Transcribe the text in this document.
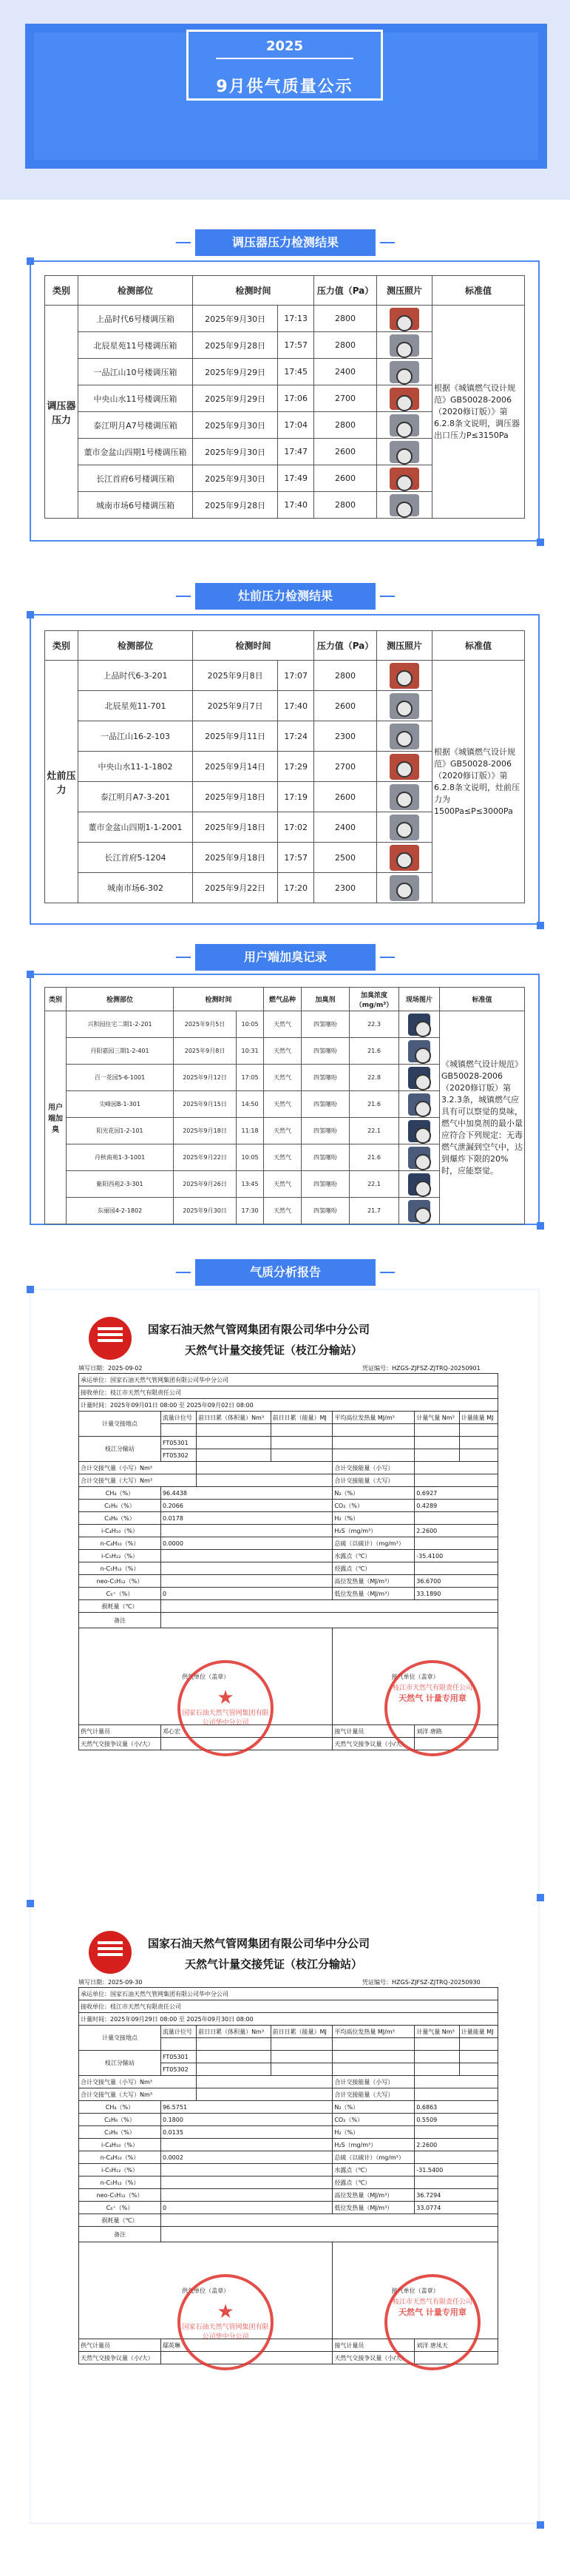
2025
9月供气质量公示
调压器压力检测结果
类别	检测部位	检测时间		压力值（Pa）	测压照片	标准值
调压器压力	上品时代6号楼调压箱	2025年9月30日	17:13	2800		根据《城镇燃气设计规范》GB50028-2006（2020修订版）》第6.2.8条文说明，调压器出口压力P≤3150Pa
	北辰星苑11号楼调压箱	2025年9月28日	17:57	2800		
	一品江山10号楼调压箱	2025年9月29日	17:45	2400		
	中央山水11号楼调压箱	2025年9月29日	17:06	2700		
	泰江明月A7号楼调压箱	2025年9月30日	17:04	2800		
	董市金盆山四期1号楼调压箱	2025年9月30日	17:47	2600		
	长江首府6号楼调压箱	2025年9月30日	17:49	2600		
	城南市场6号楼调压箱	2025年9月28日	17:40	2800		
灶前压力检测结果
类别	检测部位	检测时间		压力值（Pa）	测压照片	标准值
灶前压力	上品时代6-3-201	2025年9月8日	17:07	2800		根据《城镇燃气设计规范》GB50028-2006（2020修订版）》第6.2.8条文说明，灶前压力为1500Pa≤P≤3000Pa
	北辰星苑11-701	2025年9月7日	17:40	2600		
	一品江山16-2-103	2025年9月11日	17:24	2300		
	中央山水11-1-1802	2025年9月14日	17:29	2700		
	泰江明月A7-3-201	2025年9月18日	17:19	2600		
	董市金盆山四期1-1-2001	2025年9月18日	17:02	2400		
	长江首府5-1204	2025年9月18日	17:57	2500		
	城南市场6-302	2025年9月22日	17:20	2300		
用户端加臭记录
类别	检测部位	检测时间		燃气品种	加臭剂	加臭浓度（mg/m³）	现场图片	标准值
用户端加臭	兴和园住宅二期1-2-201	2025年9月5日	10:05	天然气	四氢噻吩	22.3		《城镇燃气设计规范》GB50028-2006（2020修订版）第3.2.3条，城镇燃气应具有可以察觉的臭味，燃气中加臭剂的最小量应符合下列规定：无毒燃气泄漏到空气中，达到爆炸下限的20%时，应能察觉。
	丹阳嘉园三期1-2-401	2025年9月8日	10:31	天然气	四氢噻吩	21.6		
	百一花园5-6-1001	2025年9月12日	17:05	天然气	四氢噻吩	22.8		
	尖峰园B-1-301	2025年9月15日	14:50	天然气	四氢噻吩	21.6		
	阳光花园1-2-101	2025年9月18日	11:18	天然气	四氢噻吩	22.1		
	丹秋南苑1-3-1001	2025年9月22日	10:05	天然气	四氢噻吩	21.6		
	紫阳西苑2-3-301	2025年9月26日	13:45	天然气	四氢噻吩	22.1		
	东丽园4-2-1802	2025年9月30日	17:30	天然气	四氢噻吩	21.7		
气质分析报告
国家石油天然气管网集团有限公司华中分公司
天然气计量交接凭证（枝江分输站）
填写日期：2025-09-02	凭证编号：HZGS-ZJFSZ-ZJTRQ-20250901
承运单位：国家石油天然气管网集团有限公司华中分公司						
接收单位：枝江市天然气有限责任公司						
计量时间：2025年09月01日 08:00 至 2025年09月02日 08:00						
计量交接地点	流量计位号	前日日累（体积量）Nm³	前日日累（能量）MJ	平均高位发热量 MJ/m³	计量气量 Nm³	计量能量 MJ

枝江分输站	FT05301					
	FT05302					
合计交接气量（小写）Nm³				合计交接能量（小写）		
合计交接气量（大写）Nm³				合计交接能量（大写）		
CH₄（%）	96.4438			N₂（%）	0.6927	
C₂H₆（%）	0.2066			CO₂（%）	0.4289	
C₃H₈（%）	0.0178			H₂（%）		
i-C₄H₁₀（%）				H₂S（mg/m³）	2.2600	
n-C₄H₁₀（%）	0.0000			总硫（以硫计）（mg/m³）		
i-C₅H₁₂（%）				水露点（℃）	-35.4100	
n-C₅H₁₂（%）				烃露点（℃）		
neo-C₅H₁₂（%）				高位发热量（MJ/m³）	36.6700	
C₆⁺（%）	0			低位发热量（MJ/m³）	33.1890	
损耗量（℃）						
备注						
供气单位（盖章）				接气单位（盖章）		
供气计量员	邓心宏			接气计量员	刘洋 唐路	
天然气交接争议量（小/大）				天然气交接争议量（小/大）		
★
国家石油天然气管网集团有限公司华中分公司
枝江市天然气有限责任公司
天然气 计量专用章
国家石油天然气管网集团有限公司华中分公司
天然气计量交接凭证（枝江分输站）
填写日期：2025-09-30	凭证编号：HZGS-ZJFSZ-ZJTRQ-20250930
承运单位：国家石油天然气管网集团有限公司华中分公司						
接收单位：枝江市天然气有限责任公司						
计量时间：2025年09月29日 08:00 至 2025年09月30日 08:00						
计量交接地点	流量计位号	前日日累（体积量）Nm³	前日日累（能量）MJ	平均高位发热量 MJ/m³	计量气量 Nm³	计量能量 MJ

枝江分输站	FT05301					
	FT05302					
合计交接气量（小写）Nm³				合计交接能量（小写）		
合计交接气量（大写）Nm³				合计交接能量（大写）		
CH₄（%）	96.5751			N₂（%）	0.6863	
C₂H₆（%）	0.1800			CO₂（%）	0.5509	
C₃H₈（%）	0.0135			H₂（%）		
i-C₄H₁₀（%）				H₂S（mg/m³）	2.2600	
n-C₄H₁₀（%）	0.0002			总硫（以硫计）（mg/m³）		
i-C₅H₁₂（%）				水露点（℃）	-31.5400	
n-C₅H₁₂（%）				烃露点（℃）		
neo-C₅H₁₂（%）				高位发热量（MJ/m³）	36.7294	
C₆⁺（%）	0			低位发热量（MJ/m³）	33.0774	
损耗量（℃）						
备注						
供气单位（盖章）				接气单位（盖章）		
供气计量员	鄢英琳			接气计量员	刘洋 唐凤天	
天然气交接争议量（小/大）				天然气交接争议量（小/大）		
★
国家石油天然气管网集团有限公司华中分公司
枝江市天然气有限责任公司
天然气 计量专用章
